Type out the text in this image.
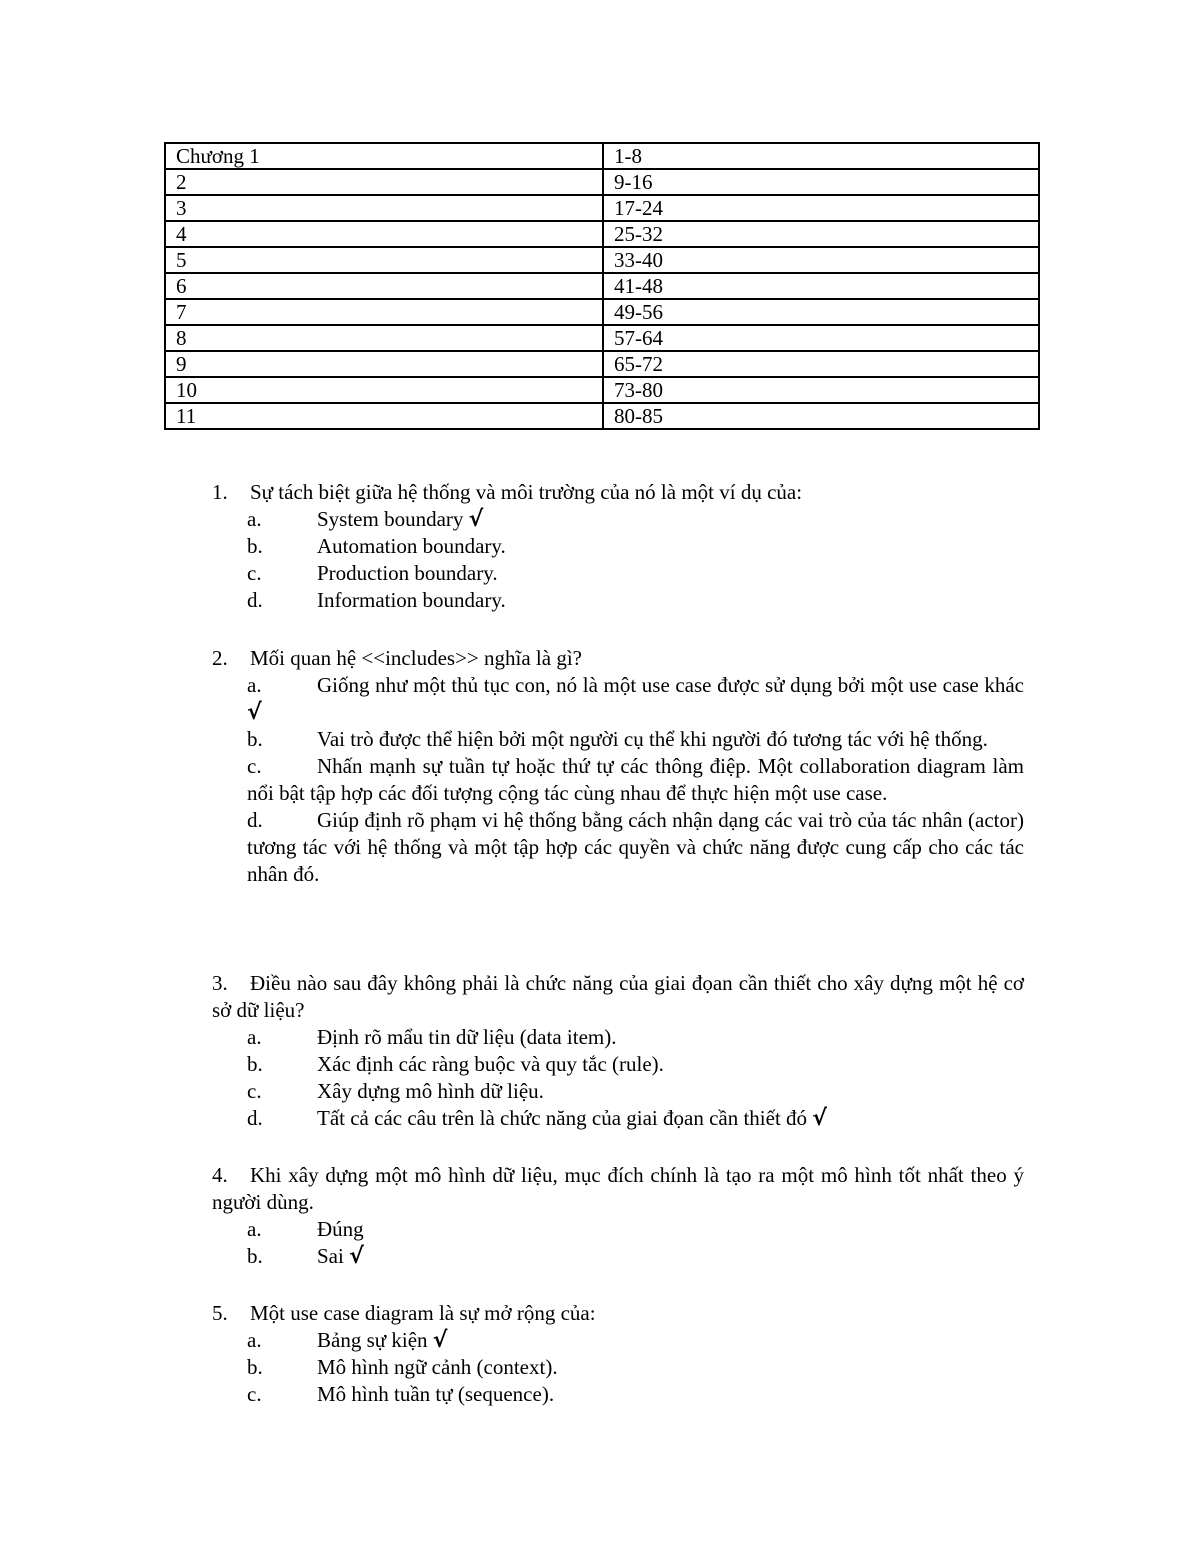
Chương 1	1-8
2	9-16
3	17-24
4	25-32
5	33-40
6	41-48
7	49-56
8	57-64
9	65-72
10	73-80
11	80-85
1. Sự tách biệt giữa hệ thống và môi trường của nó là một ví dụ của:
a.	System boundary √
b.	Automation boundary.
c.	Production boundary.
d.	Information boundary.
2. Mối quan hệ <<includes>> nghĩa là gì?
a.	Giống như một thủ tục con, nó là một use case được sử dụng bởi một use case khác √
b.	Vai trò được thể hiện bởi một người cụ thể khi người đó tương tác với hệ thống.
c.	Nhấn mạnh sự tuần tự hoặc thứ tự các thông điệp. Một collaboration diagram làm nổi bật tập hợp các đối tượng cộng tác cùng nhau để thực hiện một use case.
d.	Giúp định rõ phạm vi hệ thống bằng cách nhận dạng các vai trò của tác nhân (actor) tương tác với hệ thống và một tập hợp các quyền và chức năng được cung cấp cho các tác nhân đó.
3. Điều nào sau đây không phải là chức năng của giai đọan cần thiết cho xây dựng một hệ cơ sở dữ liệu?
a.	Định rõ mẩu tin dữ liệu (data item).
b.	Xác định các ràng buộc và quy tắc (rule).
c.	Xây dựng mô hình dữ liệu.
d.	Tất cả các câu trên là chức năng của giai đọan cần thiết đó √
4. Khi xây dựng một mô hình dữ liệu, mục đích chính là tạo ra một mô hình tốt nhất theo ý người dùng.
a.	Đúng
b.	Sai √
5. Một use case diagram là sự mở rộng của:
a.	Bảng sự kiện √
b.	Mô hình ngữ cảnh (context).
c.	Mô hình tuần tự (sequence).
